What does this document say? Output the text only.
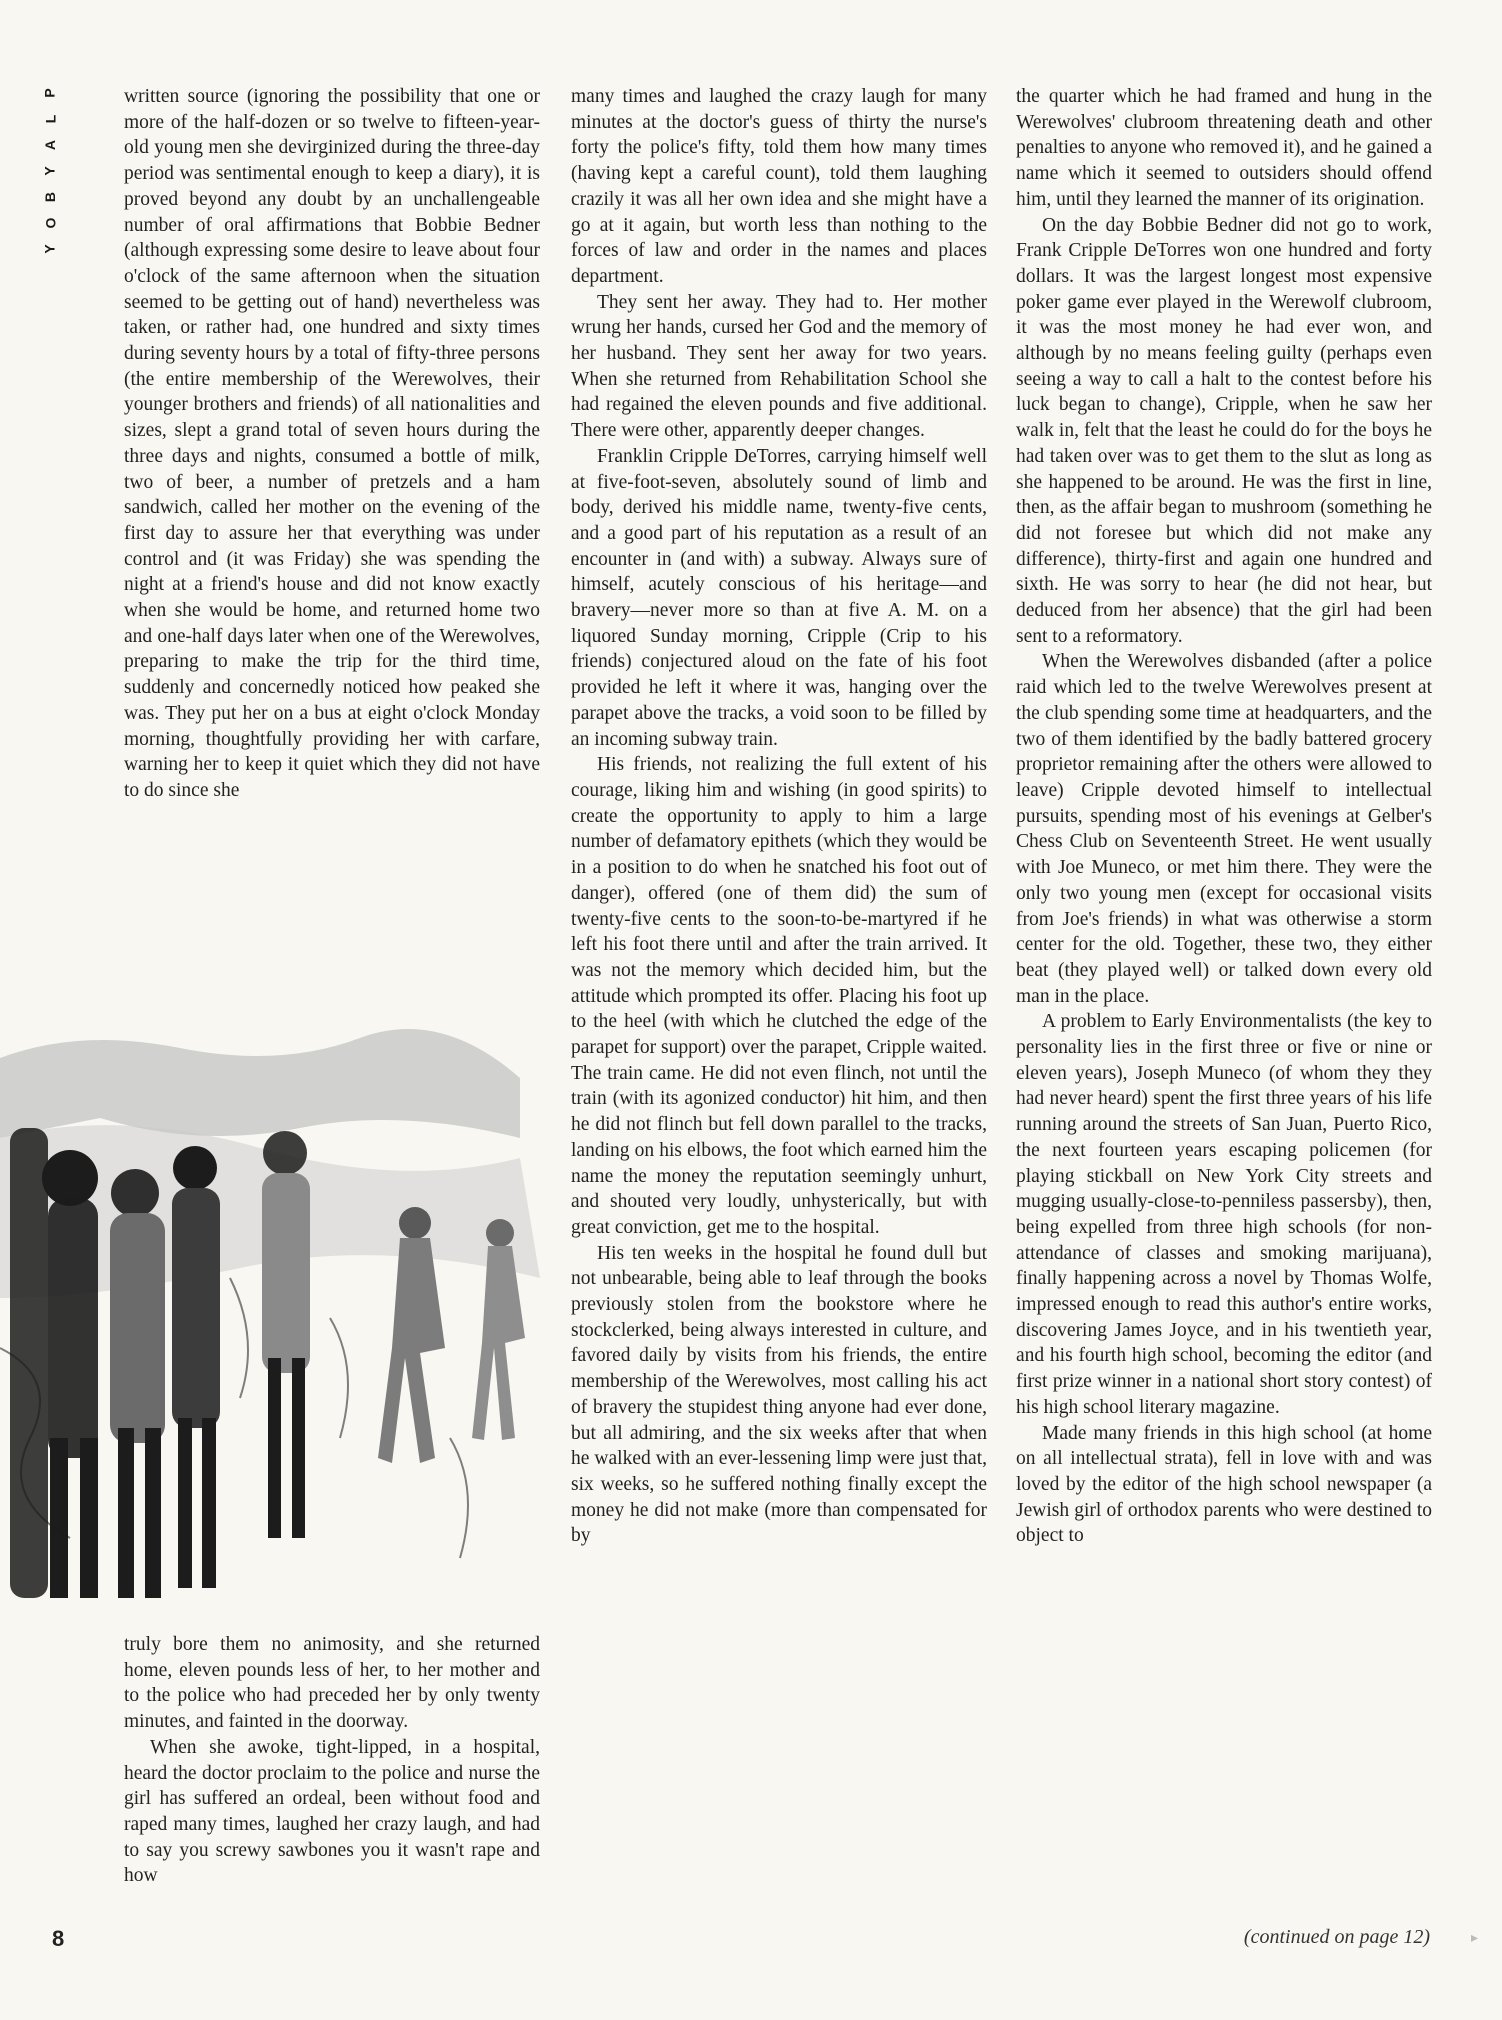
P
L
A
Y
B
O
Y

written source (ignoring the possibility that one or more of the half-dozen or so twelve to fifteen-year-old young men she devirginized during the three-day period was sentimental enough to keep a diary), it is proved beyond any doubt by an unchallengeable number of oral affirmations that Bobbie Bedner (although expressing some desire to leave about four o'clock of the same afternoon when the situation seemed to be getting out of hand) nevertheless was taken, or rather had, one hundred and sixty times during seventy hours by a total of fifty-three persons (the entire membership of the Werewolves, their younger brothers and friends) of all nationalities and sizes, slept a grand total of seven hours during the three days and nights, consumed a bottle of milk, two of beer, a number of pretzels and a ham sandwich, called her mother on the evening of the first day to assure her that everything was under control and (it was Friday) she was spending the night at a friend's house and did not know exactly when she would be home, and returned home two and one-half days later when one of the Werewolves, preparing to make the trip for the third time, suddenly and concernedly noticed how peaked she was. They put her on a bus at eight o'clock Monday morning, thoughtfully providing her with carfare, warning her to keep it quiet which they did not have to do since she

truly bore them no animosity, and she returned home, eleven pounds less of her, to her mother and to the police who had preceded her by only twenty minutes, and fainted in the doorway.

When she awoke, tight-lipped, in a hospital, heard the doctor proclaim to the police and nurse the girl has suffered an ordeal, been without food and raped many times, laughed her crazy laugh, and had to say you screwy sawbones you it wasn't rape and how

many times and laughed the crazy laugh for many minutes at the doctor's guess of thirty the nurse's forty the police's fifty, told them how many times (having kept a careful count), told them laughing crazily it was all her own idea and she might have a go at it again, but worth less than nothing to the forces of law and order in the names and places department.

They sent her away. They had to. Her mother wrung her hands, cursed her God and the memory of her husband. They sent her away for two years. When she returned from Rehabilitation School she had regained the eleven pounds and five additional. There were other, apparently deeper changes.

Franklin Cripple DeTorres, carrying himself well at five-foot-seven, absolutely sound of limb and body, derived his middle name, twenty-five cents, and a good part of his reputation as a result of an encounter in (and with) a subway. Always sure of himself, acutely conscious of his heritage—and bravery—never more so than at five A. M. on a liquored Sunday morning, Cripple (Crip to his friends) conjectured aloud on the fate of his foot provided he left it where it was, hanging over the parapet above the tracks, a void soon to be filled by an incoming subway train.

His friends, not realizing the full extent of his courage, liking him and wishing (in good spirits) to create the opportunity to apply to him a large number of defamatory epithets (which they would be in a position to do when he snatched his foot out of danger), offered (one of them did) the sum of twenty-five cents to the soon-to-be-martyred if he left his foot there until and after the train arrived. It was not the memory which decided him, but the attitude which prompted its offer. Placing his foot up to the heel (with which he clutched the edge of the parapet for support) over the parapet, Cripple waited. The train came. He did not even flinch, not until the train (with its agonized conductor) hit him, and then he did not flinch but fell down parallel to the tracks, landing on his elbows, the foot which earned him the name the money the reputation seemingly unhurt, and shouted very loudly, unhysterically, but with great conviction, get me to the hospital.

His ten weeks in the hospital he found dull but not unbearable, being able to leaf through the books previously stolen from the bookstore where he stockclerked, being always interested in culture, and favored daily by visits from his friends, the entire membership of the Werewolves, most calling his act of bravery the stupidest thing anyone had ever done, but all admiring, and the six weeks after that when he walked with an ever-lessening limp were just that, six weeks, so he suffered nothing finally except the money he did not make (more than compensated for by

the quarter which he had framed and hung in the Werewolves' clubroom threatening death and other penalties to anyone who removed it), and he gained a name which it seemed to outsiders should offend him, until they learned the manner of its origination.

On the day Bobbie Bedner did not go to work, Frank Cripple DeTorres won one hundred and forty dollars. It was the largest longest most expensive poker game ever played in the Werewolf clubroom, it was the most money he had ever won, and although by no means feeling guilty (perhaps even seeing a way to call a halt to the contest before his luck began to change), Cripple, when he saw her walk in, felt that the least he could do for the boys he had taken over was to get them to the slut as long as she happened to be around. He was the first in line, then, as the affair began to mushroom (something he did not foresee but which did not make any difference), thirty-first and again one hundred and sixth. He was sorry to hear (he did not hear, but deduced from her absence) that the girl had been sent to a reformatory.

When the Werewolves disbanded (after a police raid which led to the twelve Werewolves present at the club spending some time at headquarters, and the two of them identified by the badly battered grocery proprietor remaining after the others were allowed to leave) Cripple devoted himself to intellectual pursuits, spending most of his evenings at Gelber's Chess Club on Seventeenth Street. He went usually with Joe Muneco, or met him there. They were the only two young men (except for occasional visits from Joe's friends) in what was otherwise a storm center for the old. Together, these two, they either beat (they played well) or talked down every old man in the place.

A problem to Early Environmentalists (the key to personality lies in the first three or five or nine or eleven years), Joseph Muneco (of whom they they had never heard) spent the first three years of his life running around the streets of San Juan, Puerto Rico, the next fourteen years escaping policemen (for playing stickball on New York City streets and mugging usually-close-to-penniless passersby), then, being expelled from three high schools (for non-attendance of classes and smoking marijuana), finally happening across a novel by Thomas Wolfe, impressed enough to read this author's entire works, discovering James Joyce, and in his twentieth year, and his fourth high school, becoming the editor (and first prize winner in a national short story contest) of his high school literary magazine.

Made many friends in this high school (at home on all intellectual strata), fell in love with and was loved by the editor of the high school newspaper (a Jewish girl of orthodox parents who were destined to object to

8	(continued on page 12)	▸
